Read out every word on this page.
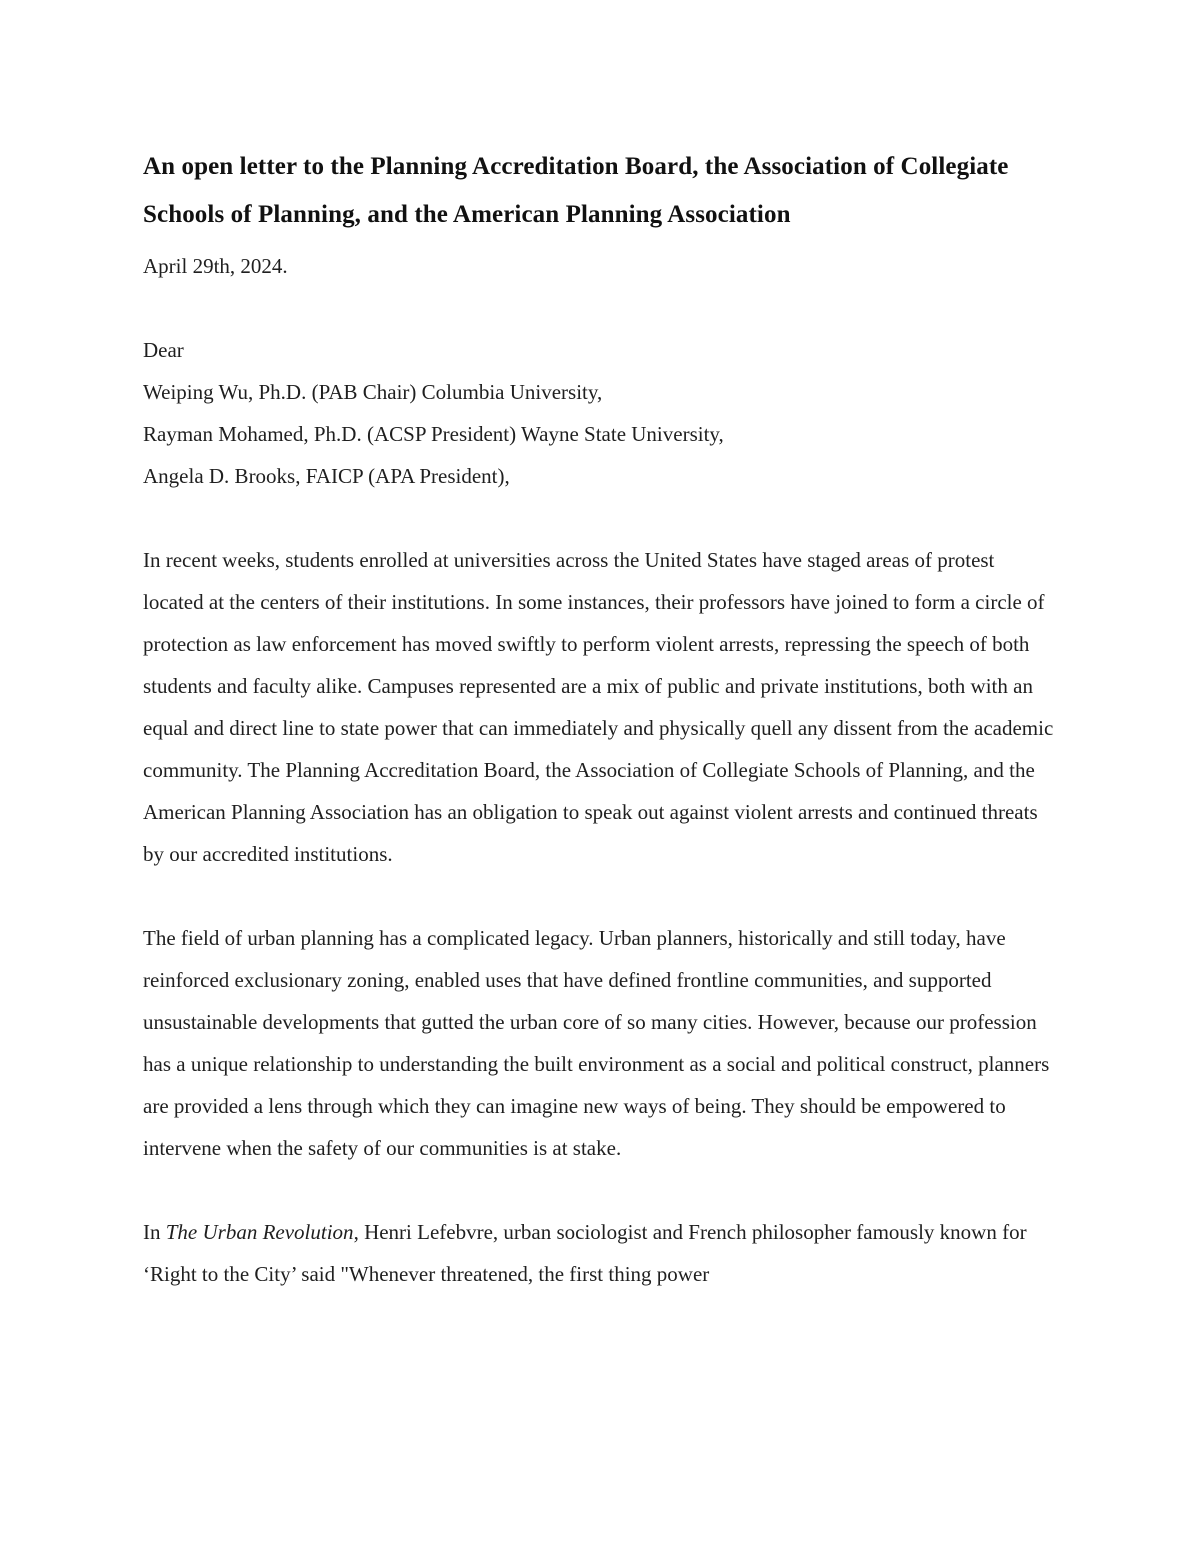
An open letter to the Planning Accreditation Board, the Association of Collegiate Schools of Planning, and the American Planning Association

April 29th, 2024.

Dear
Weiping Wu, Ph.D. (PAB Chair) Columbia University,
Rayman Mohamed, Ph.D. (ACSP President) Wayne State University,
Angela D. Brooks, FAICP (APA President),

In recent weeks, students enrolled at universities across the United States have staged areas of protest located at the centers of their institutions. In some instances, their professors have joined to form a circle of protection as law enforcement has moved swiftly to perform violent arrests, repressing the speech of both students and faculty alike. Campuses represented are a mix of public and private institutions, both with an equal and direct line to state power that can immediately and physically quell any dissent from the academic community. The Planning Accreditation Board, the Association of Collegiate Schools of Planning, and the American Planning Association has an obligation to speak out against violent arrests and continued threats by our accredited institutions.

The field of urban planning has a complicated legacy. Urban planners, historically and still today, have reinforced exclusionary zoning, enabled uses that have defined frontline communities, and supported unsustainable developments that gutted the urban core of so many cities. However, because our profession has a unique relationship to understanding the built environment as a social and political construct, planners are provided a lens through which they can imagine new ways of being. They should be empowered to intervene when the safety of our communities is at stake.

In The Urban Revolution, Henri Lefebvre, urban sociologist and French philosopher famously known for ‘Right to the City’ said "Whenever threatened, the first thing power
